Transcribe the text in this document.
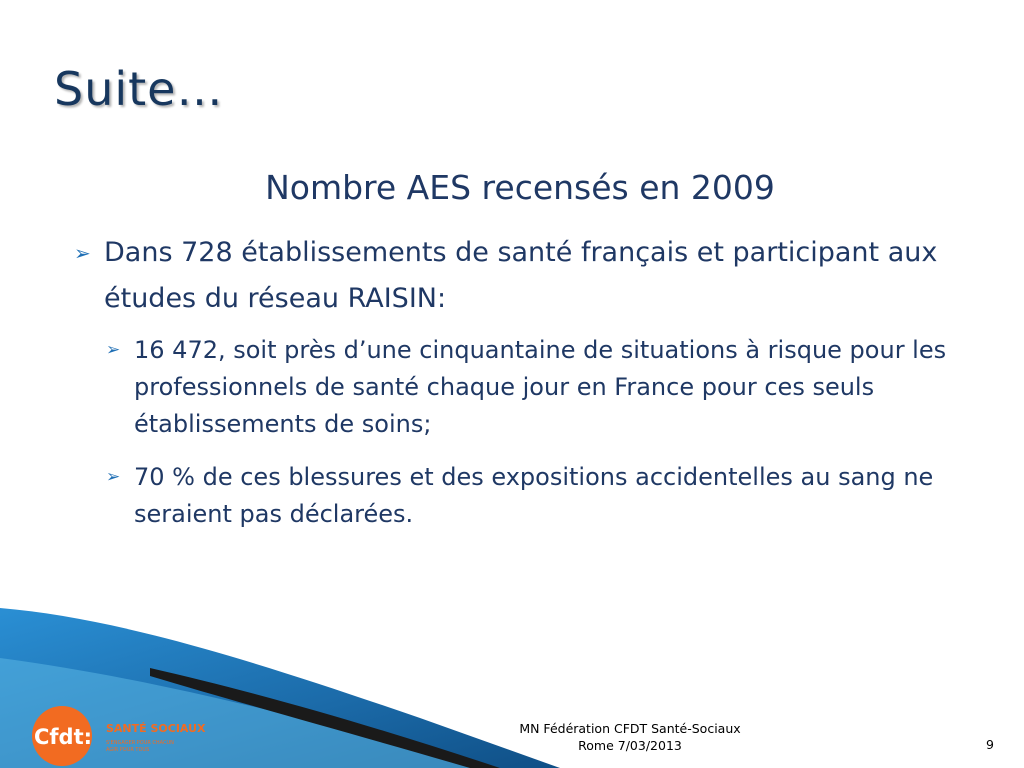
Suite…
Nombre AES recensés en 2009
➢ Dans 728 établissements de santé français et participant aux études du réseau RAISIN:
➢ 16 472, soit près d’une cinquantaine de situations à risque pour les professionnels de santé chaque jour en France pour ces seuls établissements de soins;
➢ 70 % de ces blessures et des expositions accidentelles au sang ne seraient pas déclarées.
Cfdt: SANTÉ SOCIAUX
S'ENGAGER POUR CHACUN
AGIR POUR TOUS
MN Fédération CFDT Santé-Sociaux
Rome 7/03/2013	9
